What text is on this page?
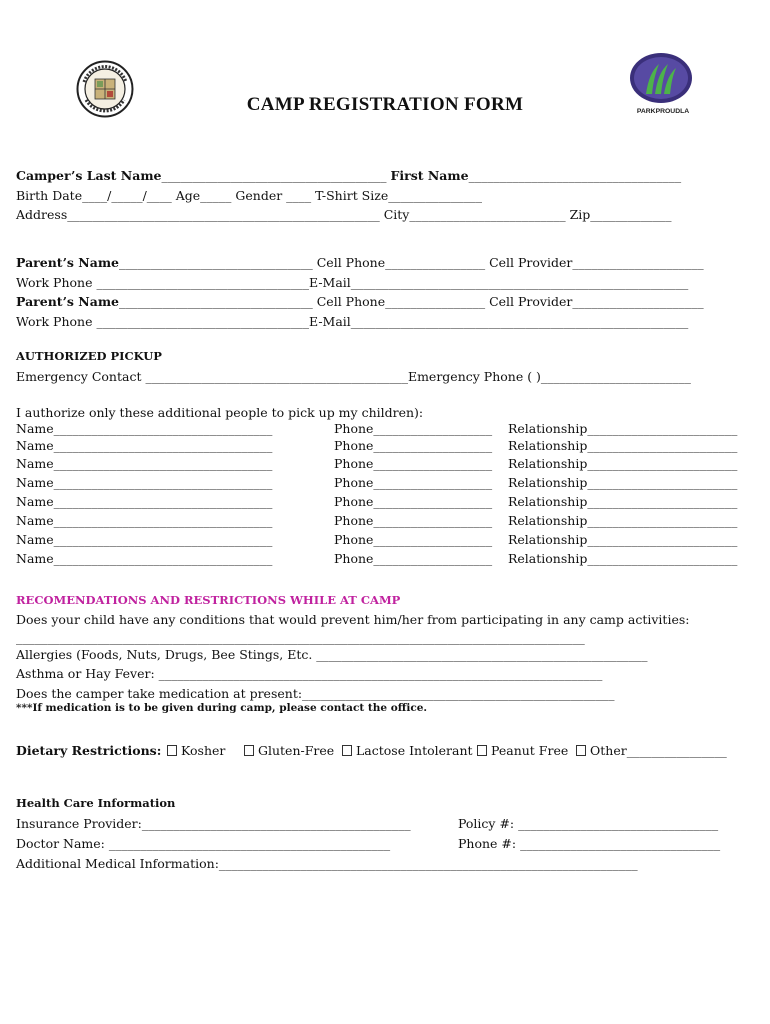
PARKPROUDLA
CAMP REGISTRATION FORM
Camper’s Last Name____________________________________ First Name__________________________________
Birth Date____/_____/____ Age_____ Gender ____ T-Shirt Size_______________
Address__________________________________________________ City_________________________ Zip_____________
Parent’s Name_______________________________ Cell Phone________________ Cell Provider_____________________
Work Phone __________________________________E-Mail______________________________________________________
Parent’s Name_______________________________ Cell Phone________________ Cell Provider_____________________
Work Phone __________________________________E-Mail______________________________________________________
AUTHORIZED PICKUP
Emergency Contact __________________________________________Emergency Phone ( )________________________
I authorize only these additional people to pick up my children):
Name___________________________________	Phone___________________ Relationship________________________
Name___________________________________	Phone___________________ Relationship________________________
Name___________________________________	Phone___________________ Relationship________________________
Name___________________________________	Phone___________________ Relationship________________________
Name___________________________________	Phone___________________ Relationship________________________
Name___________________________________	Phone___________________ Relationship________________________
Name___________________________________	Phone___________________ Relationship________________________
Name___________________________________	Phone___________________ Relationship________________________
RECOMENDATIONS AND RESTRICTIONS WHILE AT CAMP
Does your child have any conditions that would prevent him/her from participating in any camp activities:
___________________________________________________________________________________________
Allergies (Foods, Nuts, Drugs, Bee Stings, Etc. _____________________________________________________
Asthma or Hay Fever: _______________________________________________________________________
Does the camper take medication at present:__________________________________________________
***If medication is to be given during camp, please contact the office.
Dietary Restrictions:	Kosher	Gluten-Free	Lactose Intolerant	Peanut Free	Other________________
Health Care Information
Insurance Provider:___________________________________________	Policy #: ________________________________
Doctor Name: _____________________________________________	Phone #: ________________________________
Additional Medical Information:___________________________________________________________________
